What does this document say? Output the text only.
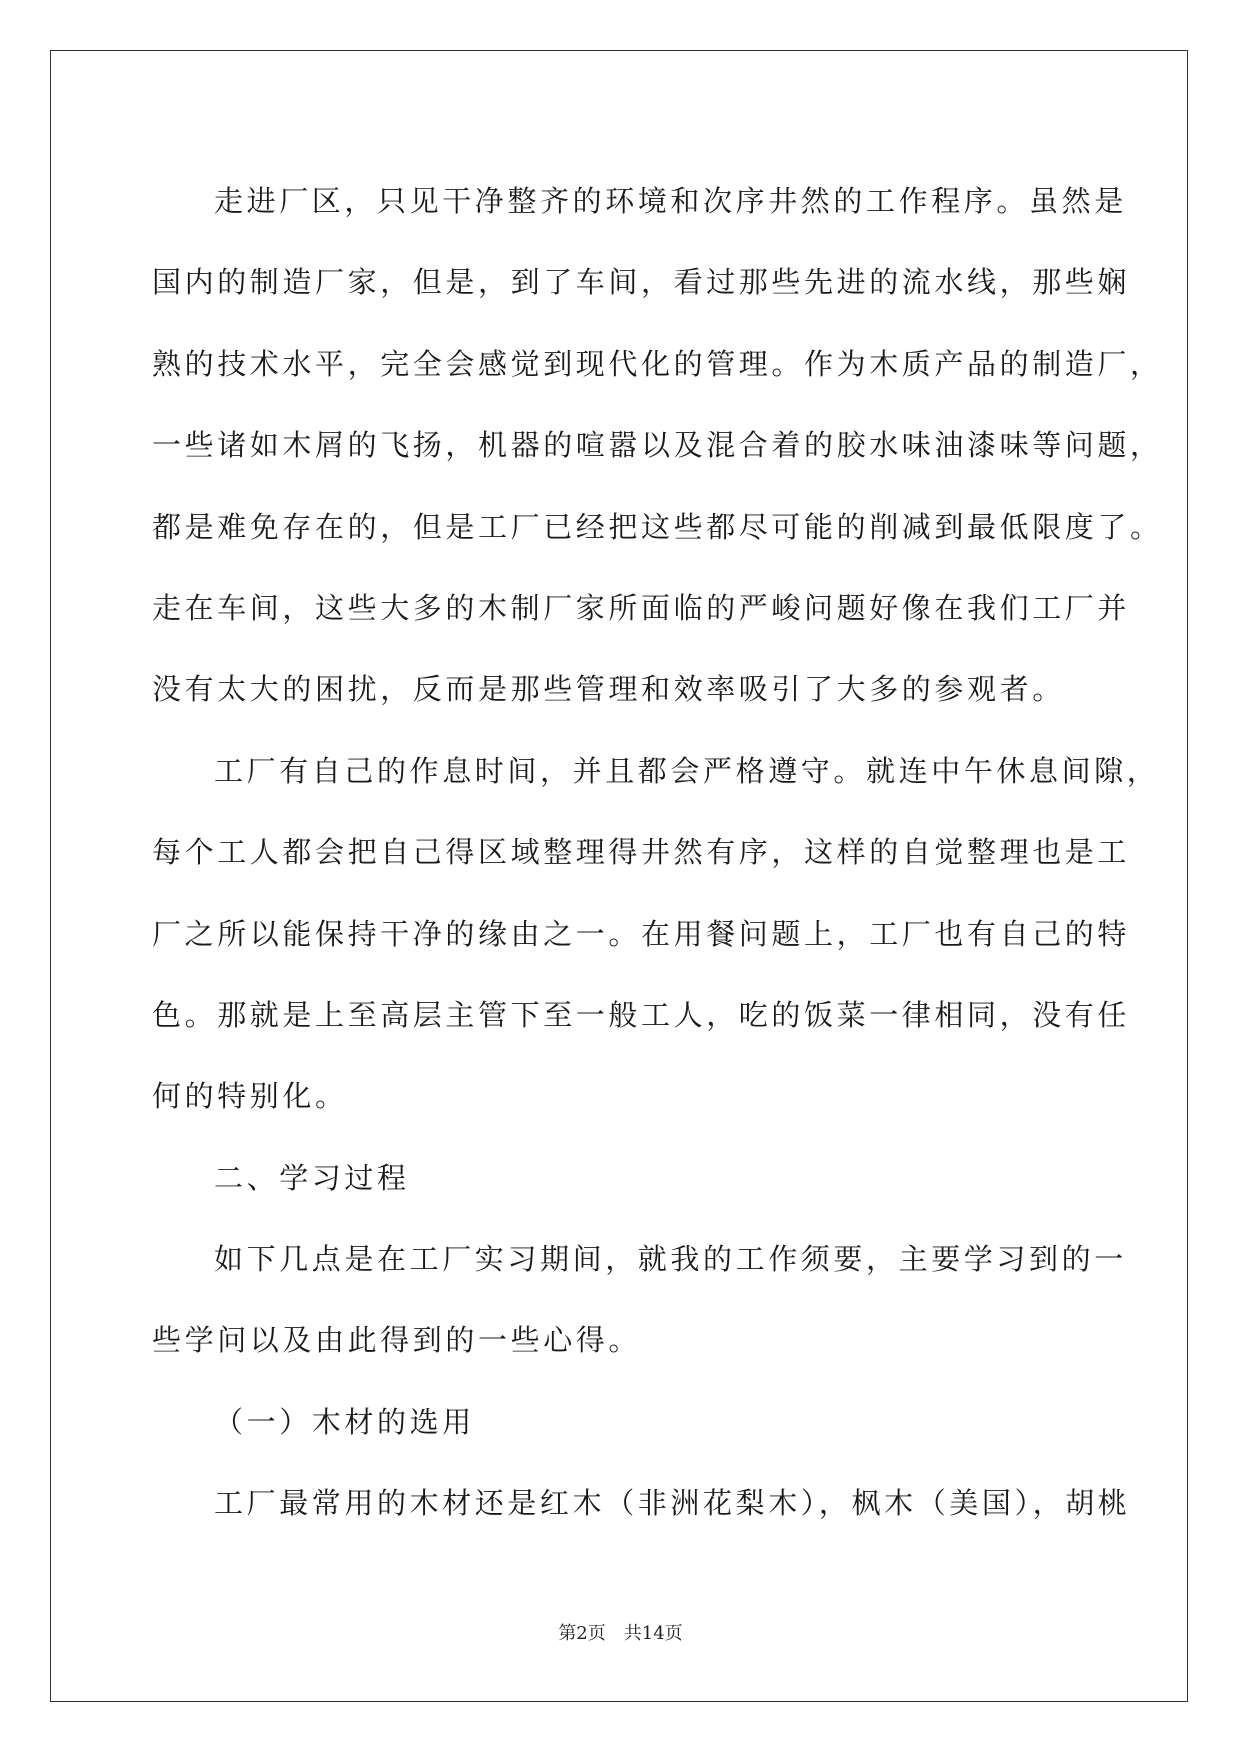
走进厂区，只见干净整齐的环境和次序井然的工作程序。虽然是
国内的制造厂家，但是，到了车间，看过那些先进的流水线，那些娴
熟的技术水平，完全会感觉到现代化的管理。作为木质产品的制造厂，
一些诸如木屑的飞扬，机器的喧嚣以及混合着的胶水味油漆味等问题，
都是难免存在的，但是工厂已经把这些都尽可能的削减到最低限度了。
走在车间，这些大多的木制厂家所面临的严峻问题好像在我们工厂并
没有太大的困扰，反而是那些管理和效率吸引了大多的参观者。
工厂有自己的作息时间，并且都会严格遵守。就连中午休息间隙，
每个工人都会把自己得区域整理得井然有序，这样的自觉整理也是工
厂之所以能保持干净的缘由之一。在用餐问题上，工厂也有自己的特
色。那就是上至高层主管下至一般工人，吃的饭菜一律相同，没有任
何的特别化。
二、学习过程
如下几点是在工厂实习期间，就我的工作须要，主要学习到的一
些学问以及由此得到的一些心得。
（一）木材的选用
工厂最常用的木材还是红木（非洲花梨木），枫木（美国），胡桃
第2页 共14页
